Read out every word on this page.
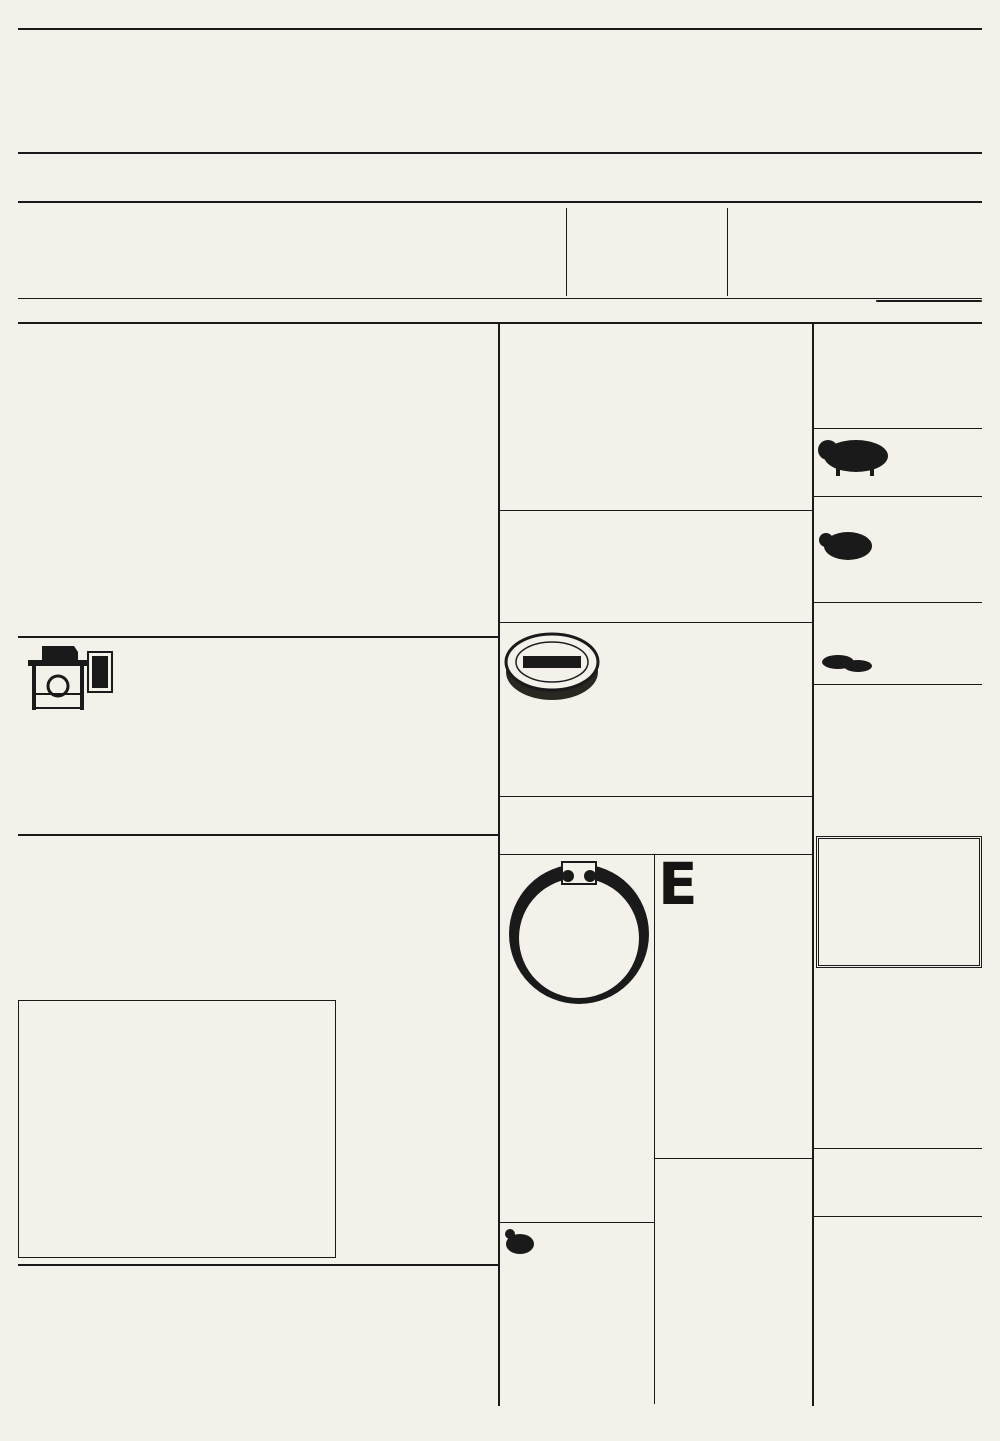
E
